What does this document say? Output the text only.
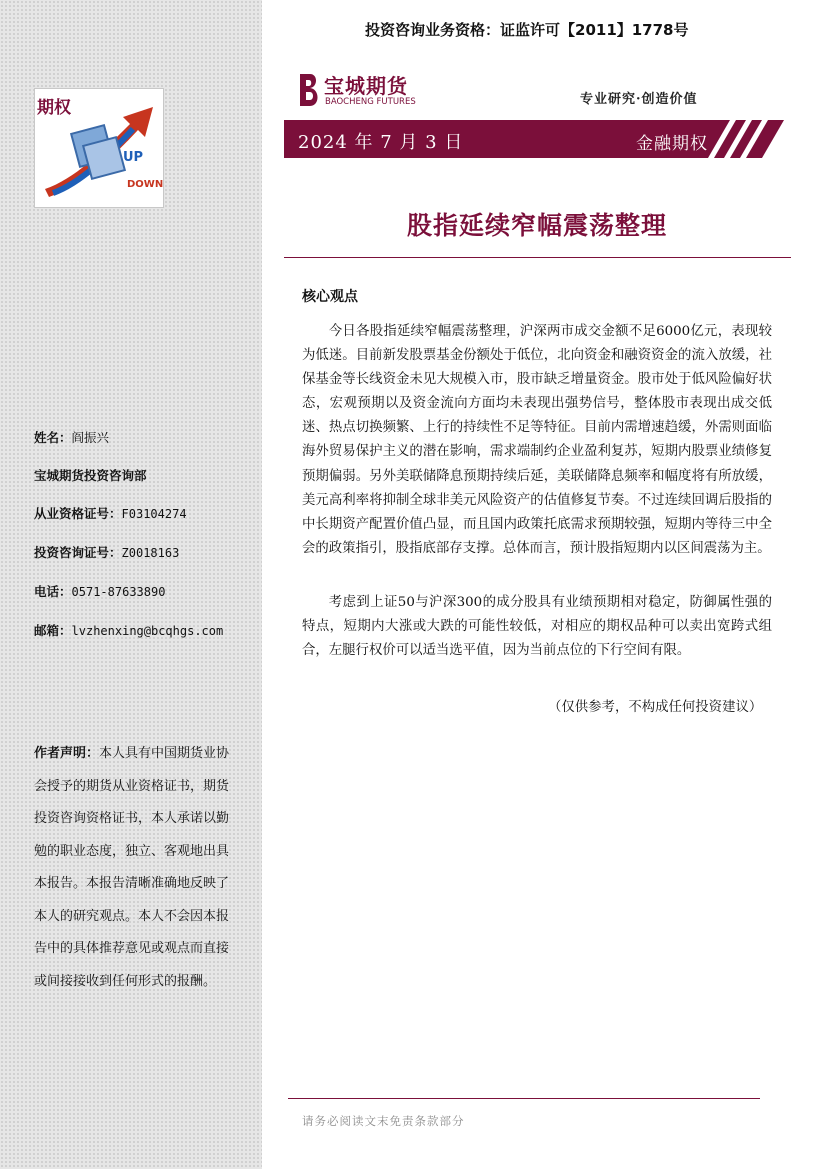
UP
DOWN
期权
姓名：阎振兴
宝城期货投资咨询部
从业资格证号：F03104274
投资咨询证号：Z0018163
电话：0571-87633890
邮箱：lvzhenxing@bcqhgs.com
作者声明：本人具有中国期货业协会授予的期货从业资格证书，期货投资咨询资格证书，本人承诺以勤勉的职业态度，独立、客观地出具本报告。本报告清晰准确地反映了本人的研究观点。本人不会因本报告中的具体推荐意见或观点而直接或间接接收到任何形式的报酬。
投资咨询业务资格：证监许可【2011】1778号
宝城期货
BAOCHENG FUTURES	专业研究·创造价值
2024 年 7 月 3 日	金融期权
股指延续窄幅震荡整理
核心观点

今日各股指延续窄幅震荡整理，沪深两市成交金额不足6000亿元，表现较为低迷。目前新发股票基金份额处于低位，北向资金和融资资金的流入放缓，社保基金等长线资金未见大规模入市，股市缺乏增量资金。股市处于低风险偏好状态，宏观预期以及资金流向方面均未表现出强势信号，整体股市表现出成交低迷、热点切换频繁、上行的持续性不足等特征。目前内需增速趋缓，外需则面临海外贸易保护主义的潜在影响，需求端制约企业盈利复苏，短期内股票业绩修复预期偏弱。另外美联储降息预期持续后延，美联储降息频率和幅度将有所放缓，美元高利率将抑制全球非美元风险资产的估值修复节奏。不过连续回调后股指的中长期资产配置价值凸显，而且国内政策托底需求预期较强，短期内等待三中全会的政策指引，股指底部存支撑。总体而言，预计股指短期内以区间震荡为主。

考虑到上证50与沪深300的成分股具有业绩预期相对稳定，防御属性强的特点，短期内大涨或大跌的可能性较低，对相应的期权品种可以卖出宽跨式组合，左腿行权价可以适当选平值，因为当前点位的下行空间有限。

（仅供参考，不构成任何投资建议）
请务必阅读文末免责条款部分
